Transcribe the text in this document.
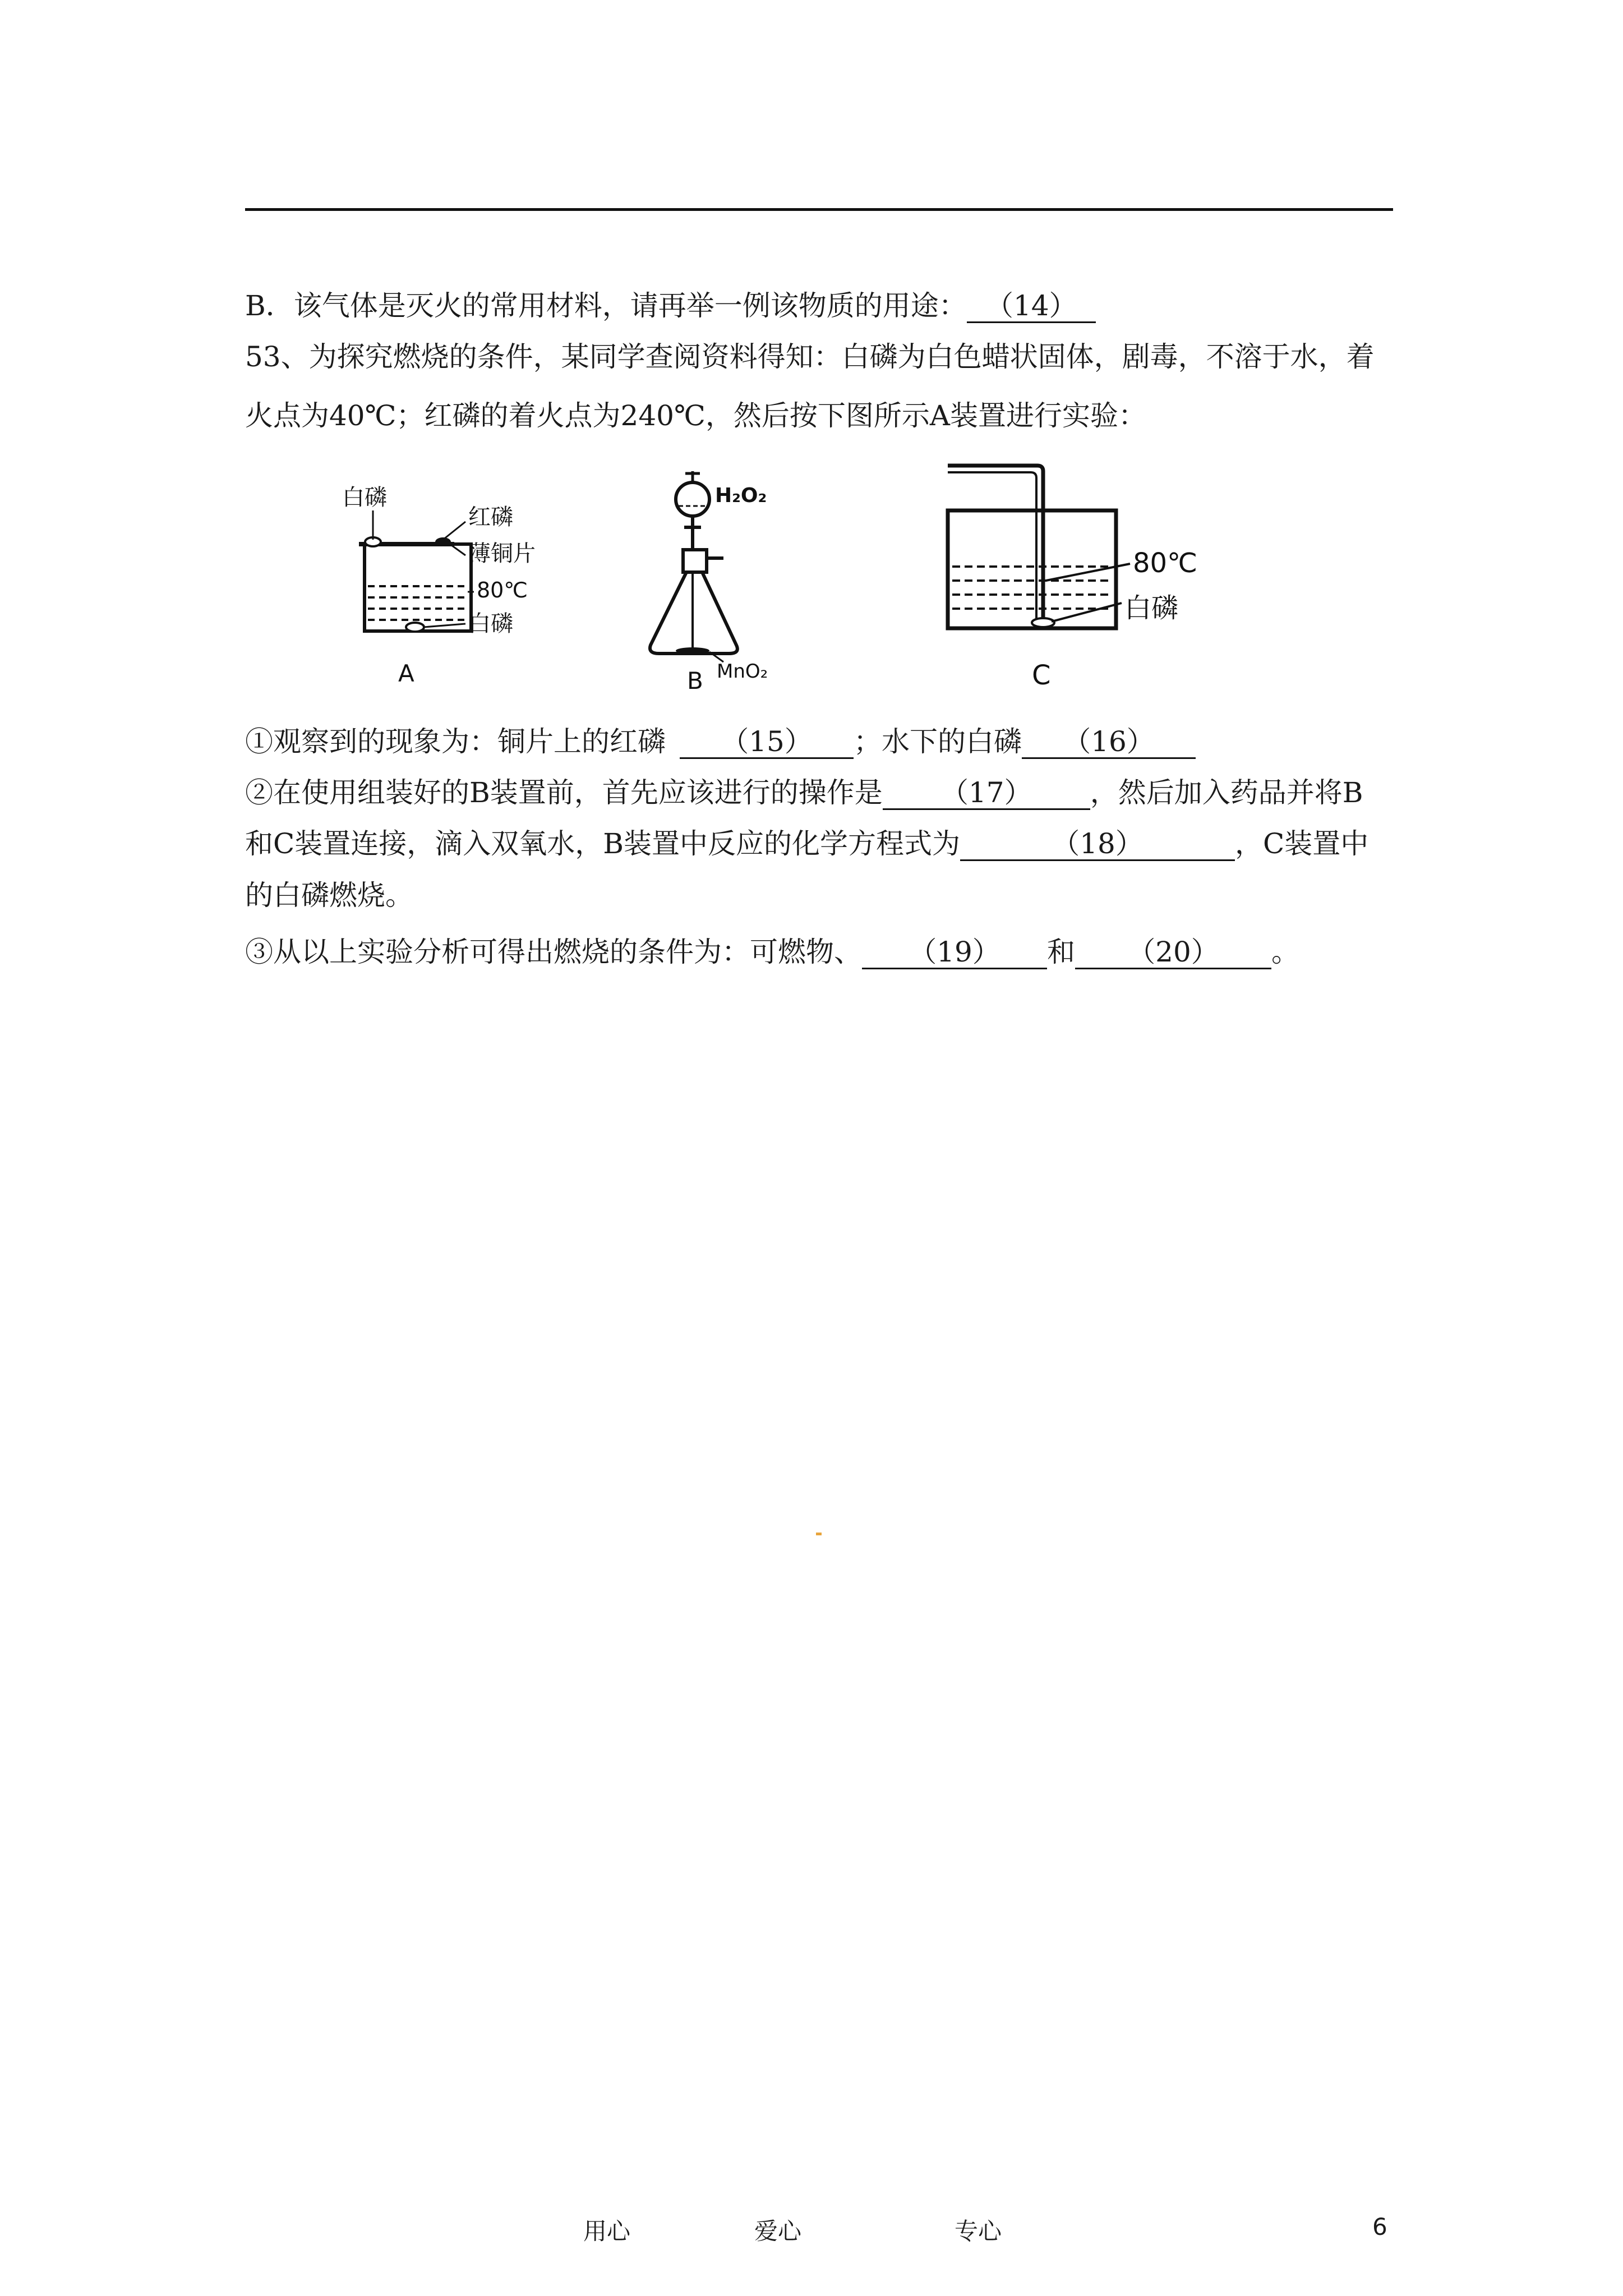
B．该气体是灭火的常用材料，请再举一例该物质的用途： （14）
53、为探究燃烧的条件，某同学查阅资料得知：白磷为白色蜡状固体，剧毒，不溶于水，着
火点为40℃；红磷的着火点为240℃，然后按下图所示A装置进行实验：
白磷
红磷
薄铜片
80℃
白磷
A
H₂O₂
MnO₂
B
80℃
白磷
C
①观察到的现象为：铜片上的红磷 （15） ；水下的白磷 （16）
②在使用组装好的B装置前，首先应该进行的操作是 （17） ，然后加入药品并将B
和C装置连接，滴入双氧水，B装置中反应的化学方程式为	（18）	，C装置中
的白磷燃烧。
③从以上实验分析可得出燃烧的条件为：可燃物、 （19） 和 （20） 。
用心	爱心	专心	6
